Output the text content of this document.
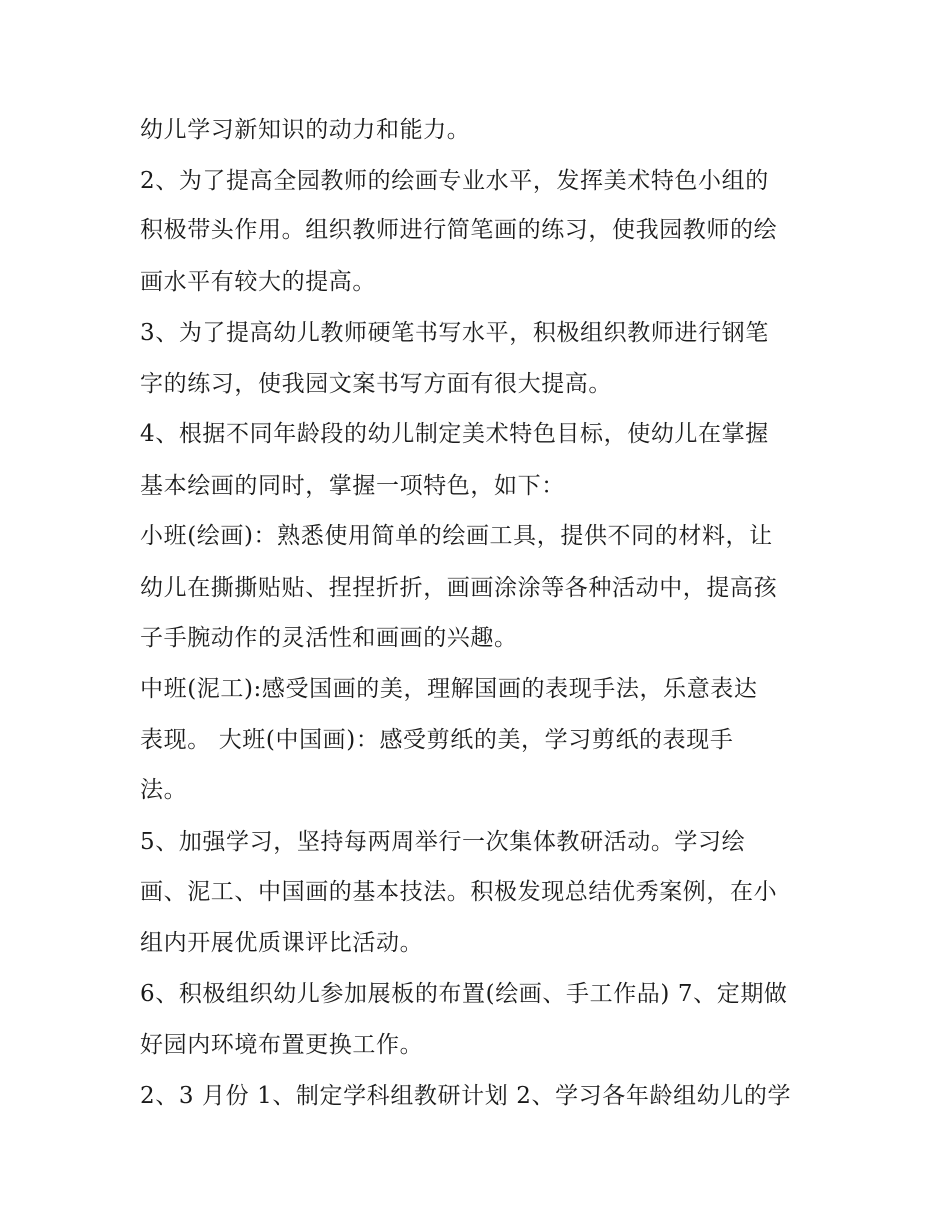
幼儿学习新知识的动力和能力。
2、为了提高全园教师的绘画专业水平，发挥美术特色小组的
积极带头作用。组织教师进行简笔画的练习，使我园教师的绘
画水平有较大的提高。
3、为了提高幼儿教师硬笔书写水平，积极组织教师进行钢笔
字的练习，使我园文案书写方面有很大提高。
4、根据不同年龄段的幼儿制定美术特色目标，使幼儿在掌握
基本绘画的同时，掌握一项特色，如下：
小班(绘画)：熟悉使用简单的绘画工具，提供不同的材料，让
幼儿在撕撕贴贴、捏捏折折，画画涂涂等各种活动中，提高孩
子手腕动作的灵活性和画画的兴趣。
中班(泥工):感受国画的美，理解国画的表现手法，乐意表达
表现。 大班(中国画)：感受剪纸的美，学习剪纸的表现手
法。
5、加强学习，坚持每两周举行一次集体教研活动。学习绘
画、泥工、中国画的基本技法。积极发现总结优秀案例，在小
组内开展优质课评比活动。
6、积极组织幼儿参加展板的布置(绘画、手工作品) 7、定期做
好园内环境布置更换工作。
2、3 月份 1、制定学科组教研计划 2、学习各年龄组幼儿的学
